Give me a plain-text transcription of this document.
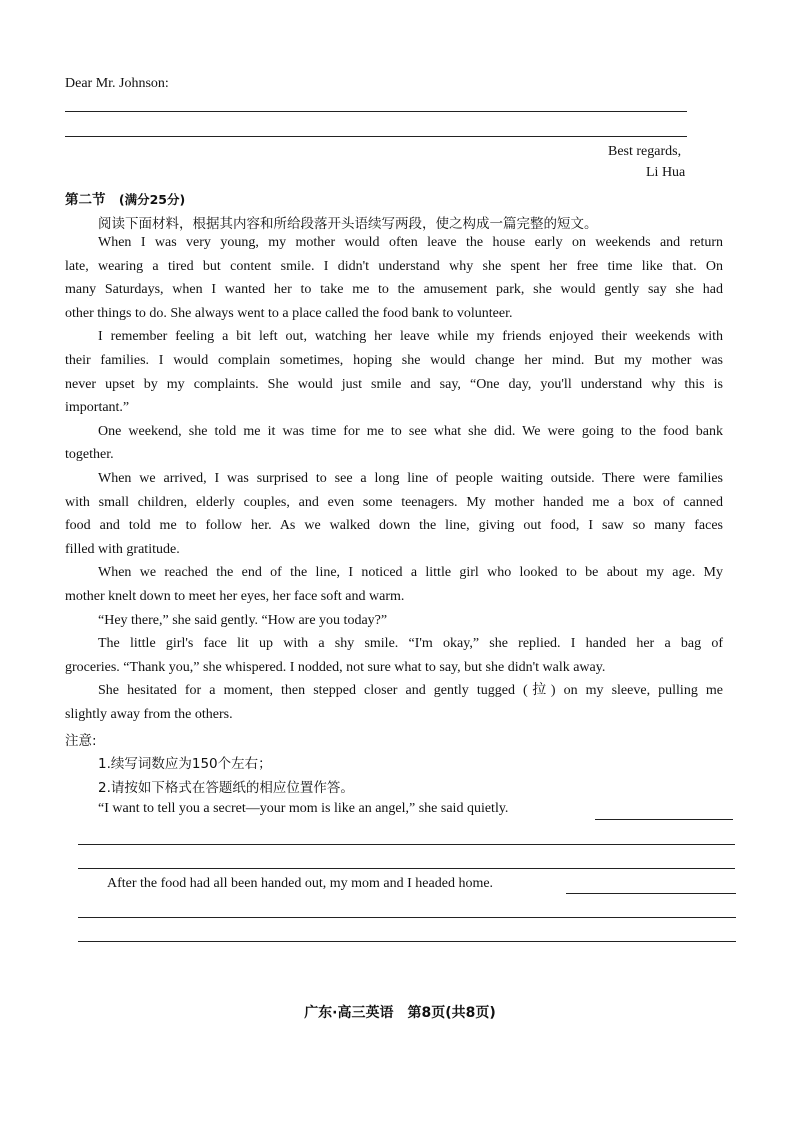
Dear Mr. Johnson:
Best regards,
Li Hua
第二节 (满分25分)
阅读下面材料，根据其内容和所给段落开头语续写两段，使之构成一篇完整的短文。
When I was very young, my mother would often leave the house early on weekends and return
late, wearing a tired but content smile. I didn't understand why she spent her free time like that. On
many Saturdays, when I wanted her to take me to the amusement park, she would gently say she had
other things to do. She always went to a place called the food bank to volunteer.
I remember feeling a bit left out, watching her leave while my friends enjoyed their weekends with
their families. I would complain sometimes, hoping she would change her mind. But my mother was
never upset by my complaints. She would just smile and say, “One day, you'll understand why this is
important.”
One weekend, she told me it was time for me to see what she did. We were going to the food bank
together.
When we arrived, I was surprised to see a long line of people waiting outside. There were families
with small children, elderly couples, and even some teenagers. My mother handed me a box of canned
food and told me to follow her. As we walked down the line, giving out food, I saw so many faces
filled with gratitude.
When we reached the end of the line, I noticed a little girl who looked to be about my age. My
mother knelt down to meet her eyes, her face soft and warm.
“Hey there,” she said gently. “How are you today?”
The little girl's face lit up with a shy smile. “I'm okay,” she replied. I handed her a bag of
groceries. “Thank you,” she whispered. I nodded, not sure what to say, but she didn't walk away.
She hesitated for a moment, then stepped closer and gently tugged (拉) on my sleeve, pulling me
slightly away from the others.
注意:
1.续写词数应为150个左右；
2.请按如下格式在答题纸的相应位置作答。
“I want to tell you a secret—your mom is like an angel,” she said quietly.
After the food had all been handed out, my mom and I headed home.
广东·高三英语　第8页(共8页)
